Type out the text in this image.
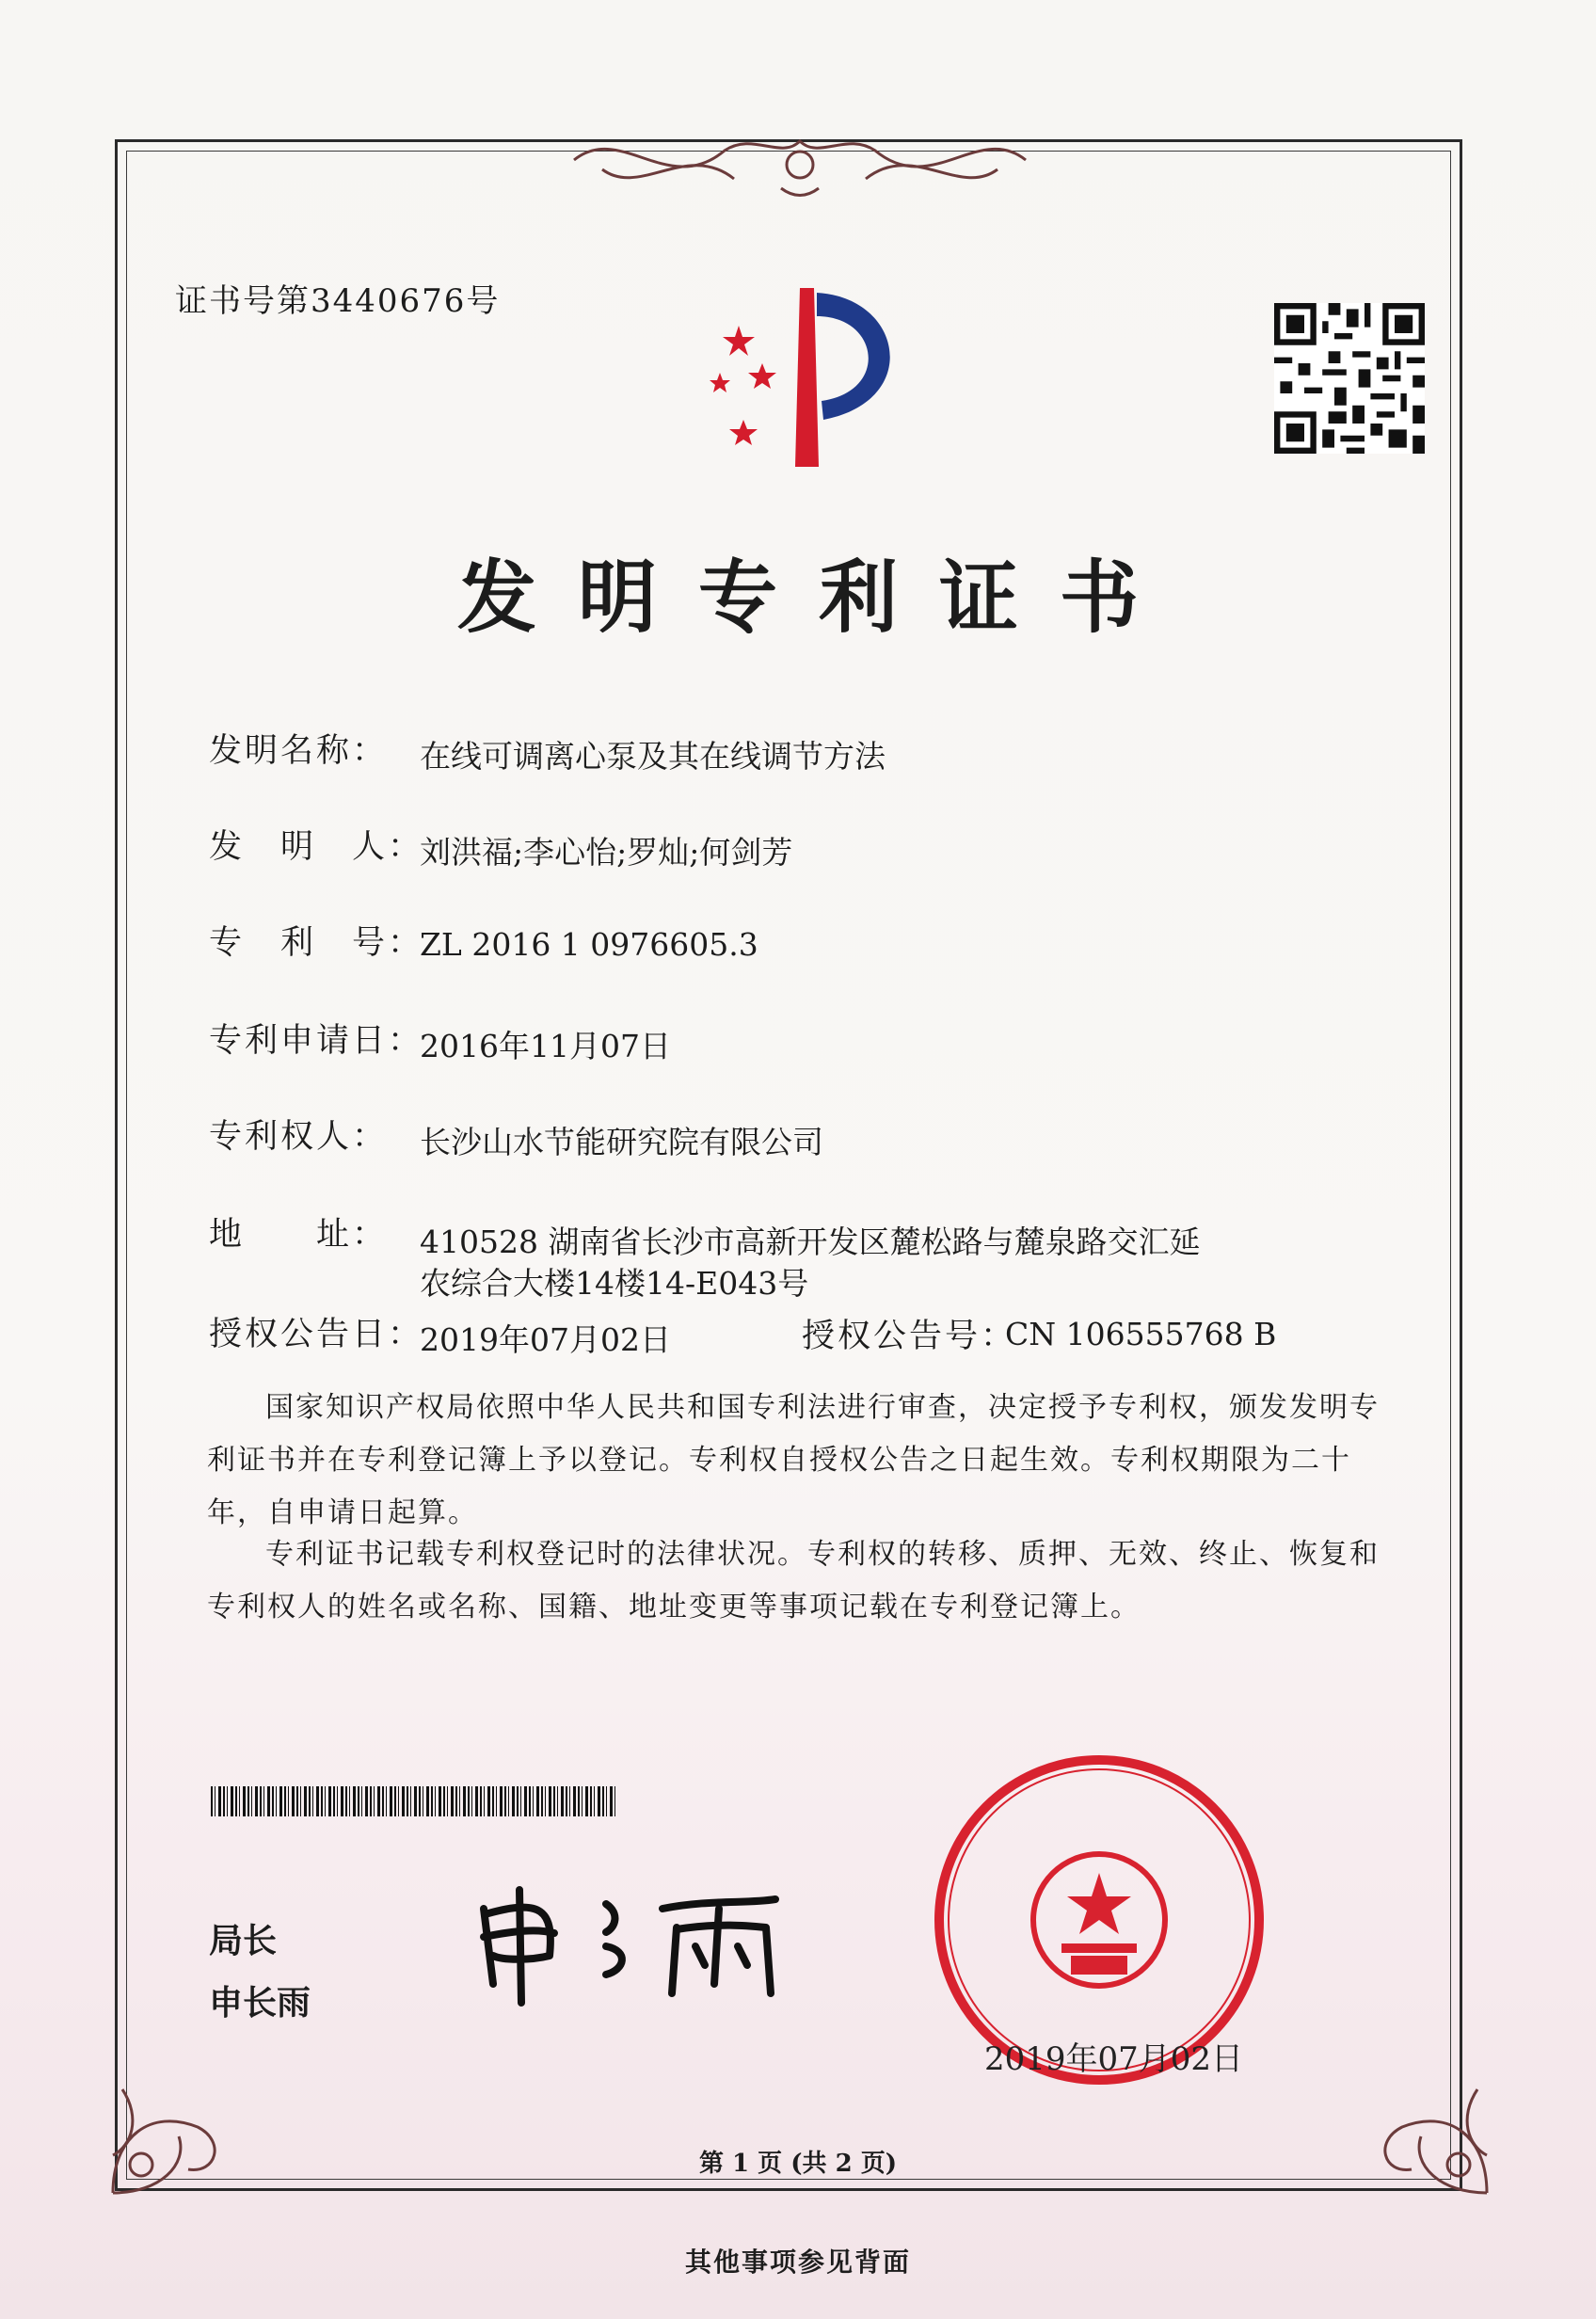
证书号第3440676号
发明专利证书
发明名称： 在线可调离心泵及其在线调节方法
发　明　人：
刘洪福;李心怡;罗灿;何剑芳
专　利　号：
ZL 2016 1 0976605.3
专利申请日：
2016年11月07日
专利权人： 长沙山水节能研究院有限公司
地　　址： 410528 湖南省长沙市高新开发区麓松路与麓泉路交汇延
农综合大楼14楼14-E043号
授权公告日：
2019年07月02日	授权公告号：
CN 106555768 B
国家知识产权局依照中华人民共和国专利法进行审查，决定授予专利权，颁发发明专利证书并在专利登记簿上予以登记。专利权自授权公告之日起生效。专利权期限为二十年，自申请日起算。
专利证书记载专利权登记时的法律状况。专利权的转移、质押、无效、终止、恢复和专利权人的姓名或名称、国籍、地址变更等事项记载在专利登记簿上。
局长
申长雨
2019年07月02日
第 1 页 (共 2 页)
其他事项参见背面
